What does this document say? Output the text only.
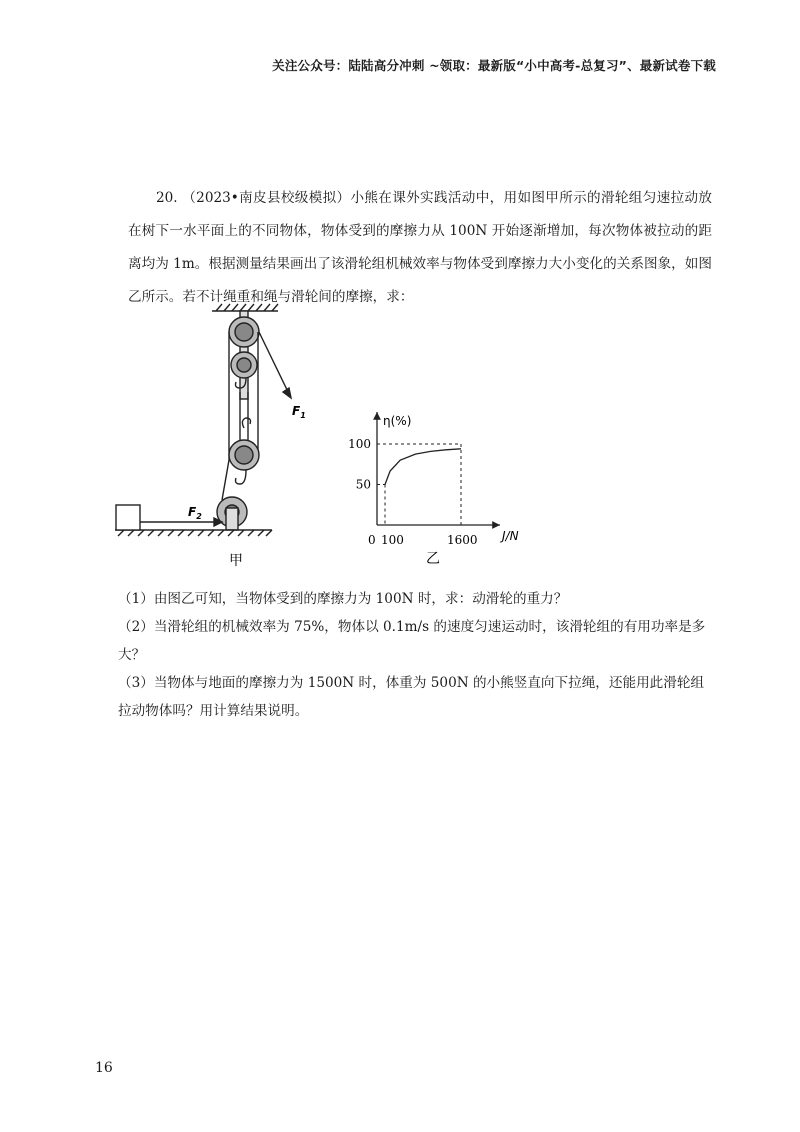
关注公众号：陆陆高分冲刺 ~领取：最新版“小中高考-总复习”、最新试卷下载
20. （2023•南皮县校级模拟）小熊在课外实践活动中，用如图甲所示的滑轮组匀速拉动放在树下一水平面上的不同物体，物体受到的摩擦力从 100N 开始逐渐增加，每次物体被拉动的距离均为 1m。根据测量结果画出了该滑轮组机械效率与物体受到摩擦力大小变化的关系图象，如图乙所示。若不计绳重和绳与滑轮间的摩擦，求：
$F_1$
$F_2$
甲
η(%)
J/N
0 100	1600
50
100
乙
（1）由图乙可知，当物体受到的摩擦力为 100N 时，求：动滑轮的重力？
（2）当滑轮组的机械效率为 75%，物体以 0.1m/s 的速度匀速运动时，该滑轮组的有用功率是多大？
（3）当物体与地面的摩擦力为 1500N 时，体重为 500N 的小熊竖直向下拉绳，还能用此滑轮组拉动物体吗？用计算结果说明。
16
